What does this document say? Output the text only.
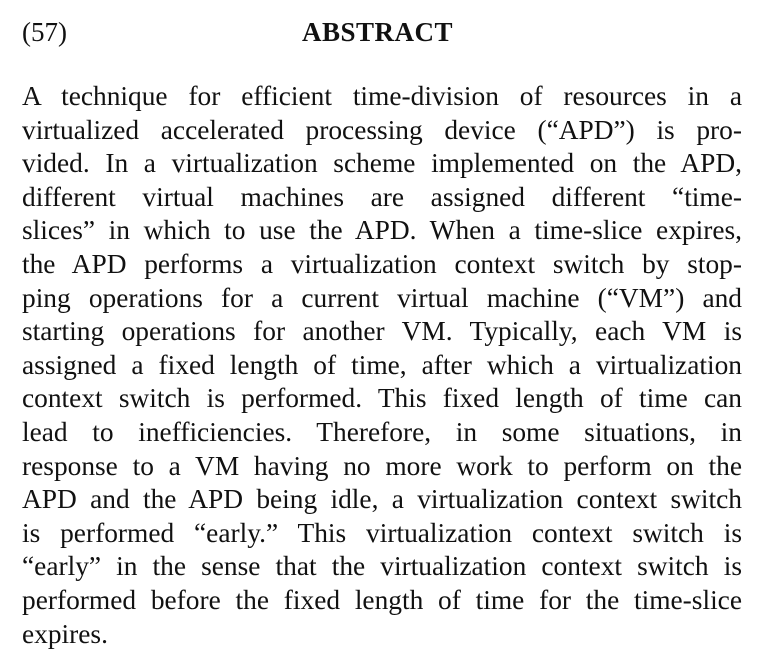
(57)	ABSTRACT
A technique for efficient time-division of resources in a
virtualized accelerated processing device (“APD”) is pro-
vided. In a virtualization scheme implemented on the APD,
different virtual machines are assigned different “time-
slices” in which to use the APD. When a time-slice expires,
the APD performs a virtualization context switch by stop-
ping operations for a current virtual machine (“VM”) and
starting operations for another VM. Typically, each VM is
assigned a fixed length of time, after which a virtualization
context switch is performed. This fixed length of time can
lead to inefficiencies. Therefore, in some situations, in
response to a VM having no more work to perform on the
APD and the APD being idle, a virtualization context switch
is performed “early.” This virtualization context switch is
“early” in the sense that the virtualization context switch is
performed before the fixed length of time for the time-slice
expires.
